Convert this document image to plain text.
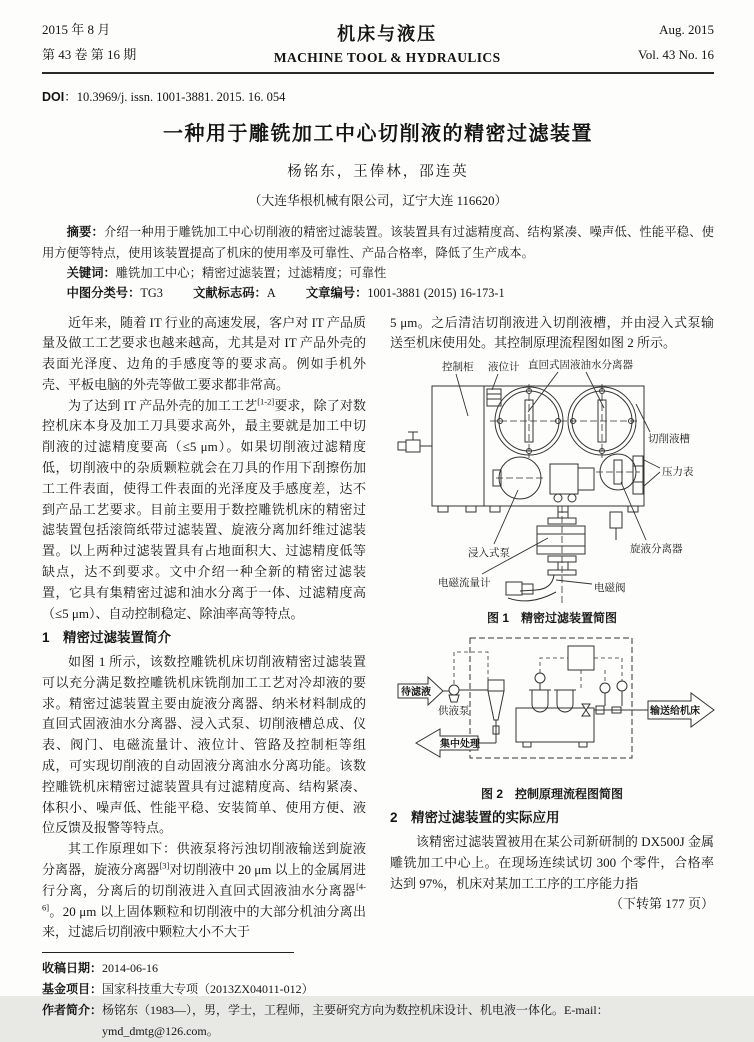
2015 年 8 月
第 43 卷 第 16 期
机床与液压
MACHINE TOOL & HYDRAULICS
Aug. 2015
Vol. 43 No. 16
DOI：10.3969/j. issn. 1001-3881. 2015. 16. 054
一种用于雕铣加工中心切削液的精密过滤装置
杨铭东，王俸林，邵连英
（大连华根机械有限公司，辽宁大连 116620）
摘要：介绍一种用于雕铣加工中心切削液的精密过滤装置。该装置具有过滤精度高、结构紧凑、噪声低、性能平稳、使用方便等特点，使用该装置提高了机床的使用率及可靠性、产品合格率，降低了生产成本。
关键词：雕铣加工中心；精密过滤装置；过滤精度；可靠性
中图分类号：TG3 文献标志码：A 文章编号：1001-3881 (2015) 16-173-1

近年来，随着 IT 行业的高速发展，客户对 IT 产品质量及做工工艺要求也越来越高，尤其是对 IT 产品外壳的表面光泽度、边角的手感度等的要求高。例如手机外壳、平板电脑的外壳等做工要求都非常高。

为了达到 IT 产品外壳的加工工艺[1-2]要求，除了对数控机床本身及加工刀具要求高外，最主要就是加工中切削液的过滤精度要高（≤5 μm）。如果切削液过滤精度低，切削液中的杂质颗粒就会在刀具的作用下刮擦伤加工工件表面，使得工件表面的光泽度及手感度差，达不到产品工艺要求。目前主要用于数控雕铣机床的精密过滤装置包括滚筒纸带过滤装置、旋液分离加纤维过滤装置。以上两种过滤装置具有占地面积大、过滤精度低等缺点，达不到要求。文中介绍一种全新的精密过滤装置，它具有集精密过滤和油水分离于一体、过滤精度高（≤5 μm）、自动控制稳定、除油率高等特点。

1　精密过滤装置简介

如图 1 所示，该数控雕铣机床切削液精密过滤装置可以充分满足数控雕铣机床铣削加工工艺对冷却液的要求。精密过滤装置主要由旋液分离器、纳米材料制成的直回式固液油水分离器、浸入式泵、切削液槽总成、仪表、阀门、电磁流量计、液位计、管路及控制柜等组成，可实现切削液的自动固液分离油水分离功能。该数控雕铣机床精密过滤装置具有过滤精度高、结构紧凑、体积小、噪声低、性能平稳、安装简单、使用方便、液位反馈及报警等特点。

其工作原理如下：供液泵将污浊切削液输送到旋液分离器，旋液分离器[3]对切削液中 20 μm 以上的金属屑进行分离，分离后的切削液进入直回式固液油水分离器[4-6]。20 μm 以上固体颗粒和切削液中的大部分机油分离出来，过滤后切削液中颗粒大小不大于

5 μm。之后清洁切削液进入切削液槽，并由浸入式泵输送至机床使用处。其控制原理流程图如图 2 所示。

控制柜 液位计 直回式固液油水分离器
切削液槽
压力表
浸入式泵
电磁流量计	电磁阀
旋液分离器
图 1　精密过滤装置简图
待滤液
供液泵	输送给机床
集中处理
图 2　控制原理流程图简图
2　精密过滤装置的实际应用

该精密过滤装置被用在某公司新研制的 DX500J 金属雕铣加工中心上。在现场连续试切 300 个零件，合格率达到 97%，机床对某加工工序的工序能力指

（下转第 177 页）

收稿日期： 2014-06-16
基金项目： 国家科技重大专项（2013ZX04011-012）
作者简介： 杨铭东（1983—），男，学士，工程师，主要研究方向为数控机床设计、机电液一体化。E-mail：ymd_dmtg@126.com。
